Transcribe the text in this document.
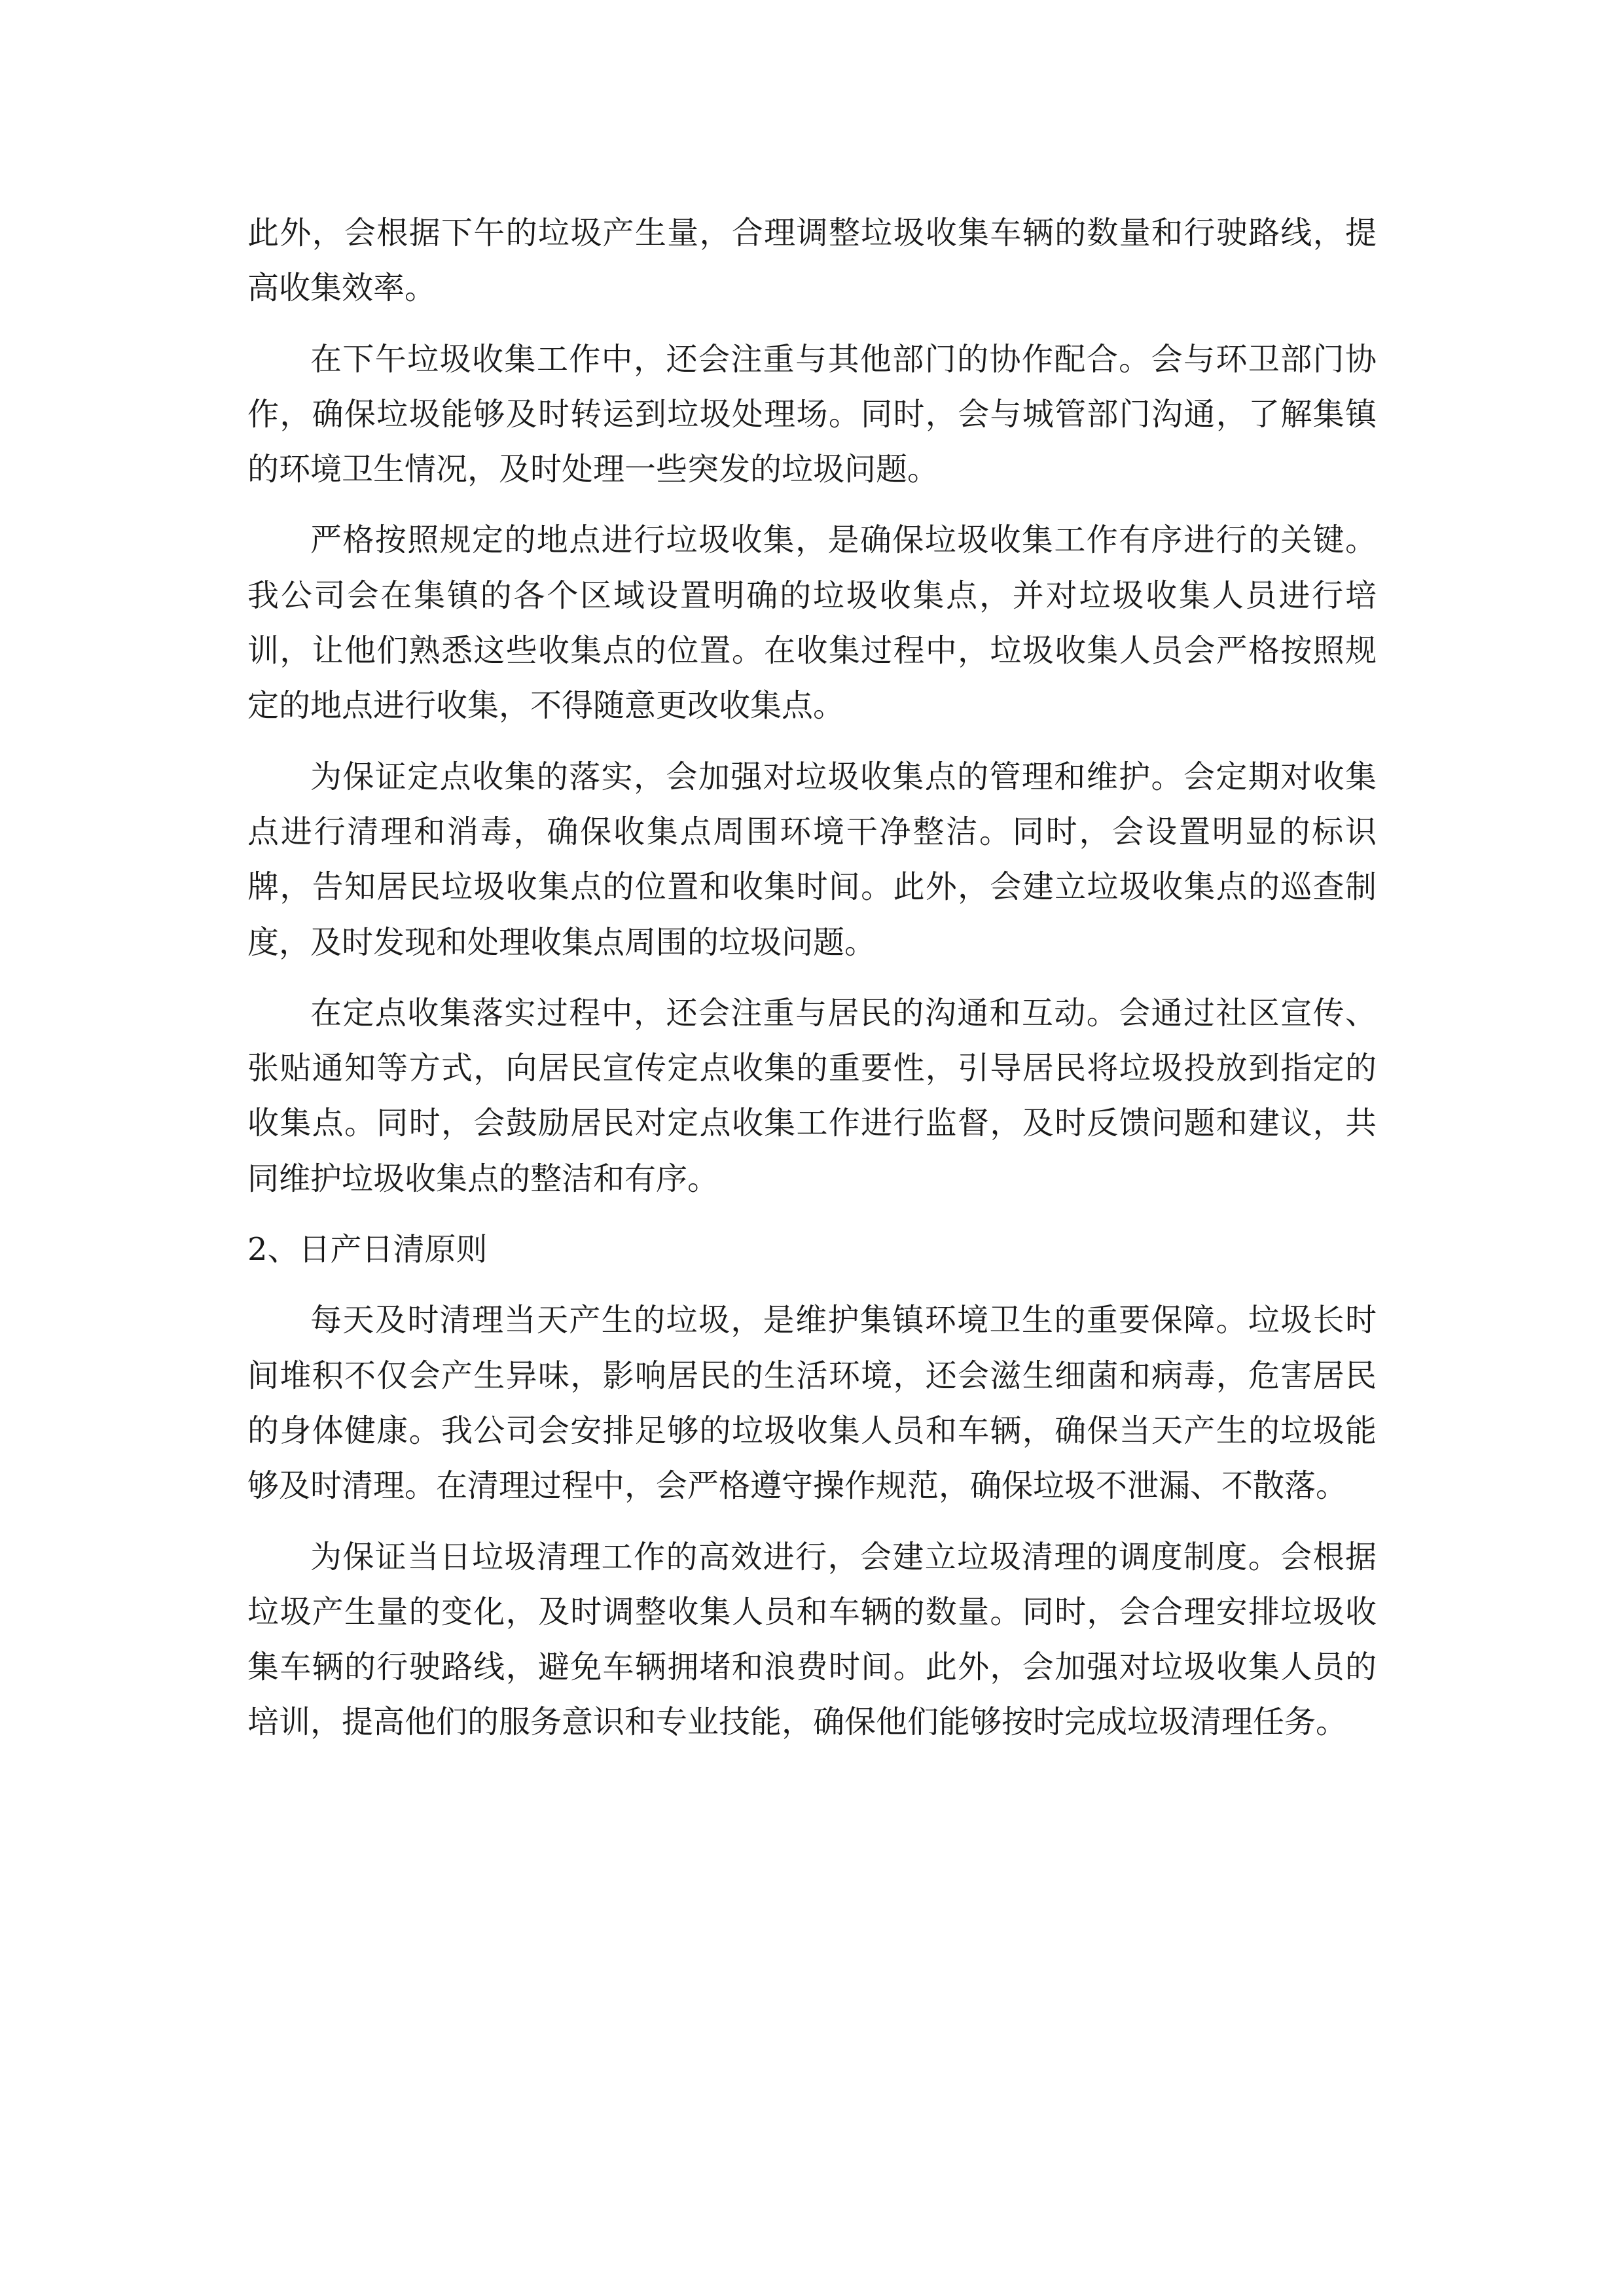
此外，会根据下午的垃圾产生量，合理调整垃圾收集车辆的数量和行驶路线，提高收集效率。

在下午垃圾收集工作中，还会注重与其他部门的协作配合。会与环卫部门协作，确保垃圾能够及时转运到垃圾处理场。同时，会与城管部门沟通，了解集镇的环境卫生情况，及时处理一些突发的垃圾问题。

严格按照规定的地点进行垃圾收集，是确保垃圾收集工作有序进行的关键。我公司会在集镇的各个区域设置明确的垃圾收集点，并对垃圾收集人员进行培训，让他们熟悉这些收集点的位置。在收集过程中，垃圾收集人员会严格按照规定的地点进行收集，不得随意更改收集点。

为保证定点收集的落实，会加强对垃圾收集点的管理和维护。会定期对收集点进行清理和消毒，确保收集点周围环境干净整洁。同时，会设置明显的标识牌，告知居民垃圾收集点的位置和收集时间。此外，会建立垃圾收集点的巡查制度，及时发现和处理收集点周围的垃圾问题。

在定点收集落实过程中，还会注重与居民的沟通和互动。会通过社区宣传、张贴通知等方式，向居民宣传定点收集的重要性，引导居民将垃圾投放到指定的收集点。同时，会鼓励居民对定点收集工作进行监督，及时反馈问题和建议，共同维护垃圾收集点的整洁和有序。

2、日产日清原则

每天及时清理当天产生的垃圾，是维护集镇环境卫生的重要保障。垃圾长时间堆积不仅会产生异味，影响居民的生活环境，还会滋生细菌和病毒，危害居民的身体健康。我公司会安排足够的垃圾收集人员和车辆，确保当天产生的垃圾能够及时清理。在清理过程中，会严格遵守操作规范，确保垃圾不泄漏、不散落。

为保证当日垃圾清理工作的高效进行，会建立垃圾清理的调度制度。会根据垃圾产生量的变化，及时调整收集人员和车辆的数量。同时，会合理安排垃圾收集车辆的行驶路线，避免车辆拥堵和浪费时间。此外，会加强对垃圾收集人员的培训，提高他们的服务意识和专业技能，确保他们能够按时完成垃圾清理任务。
